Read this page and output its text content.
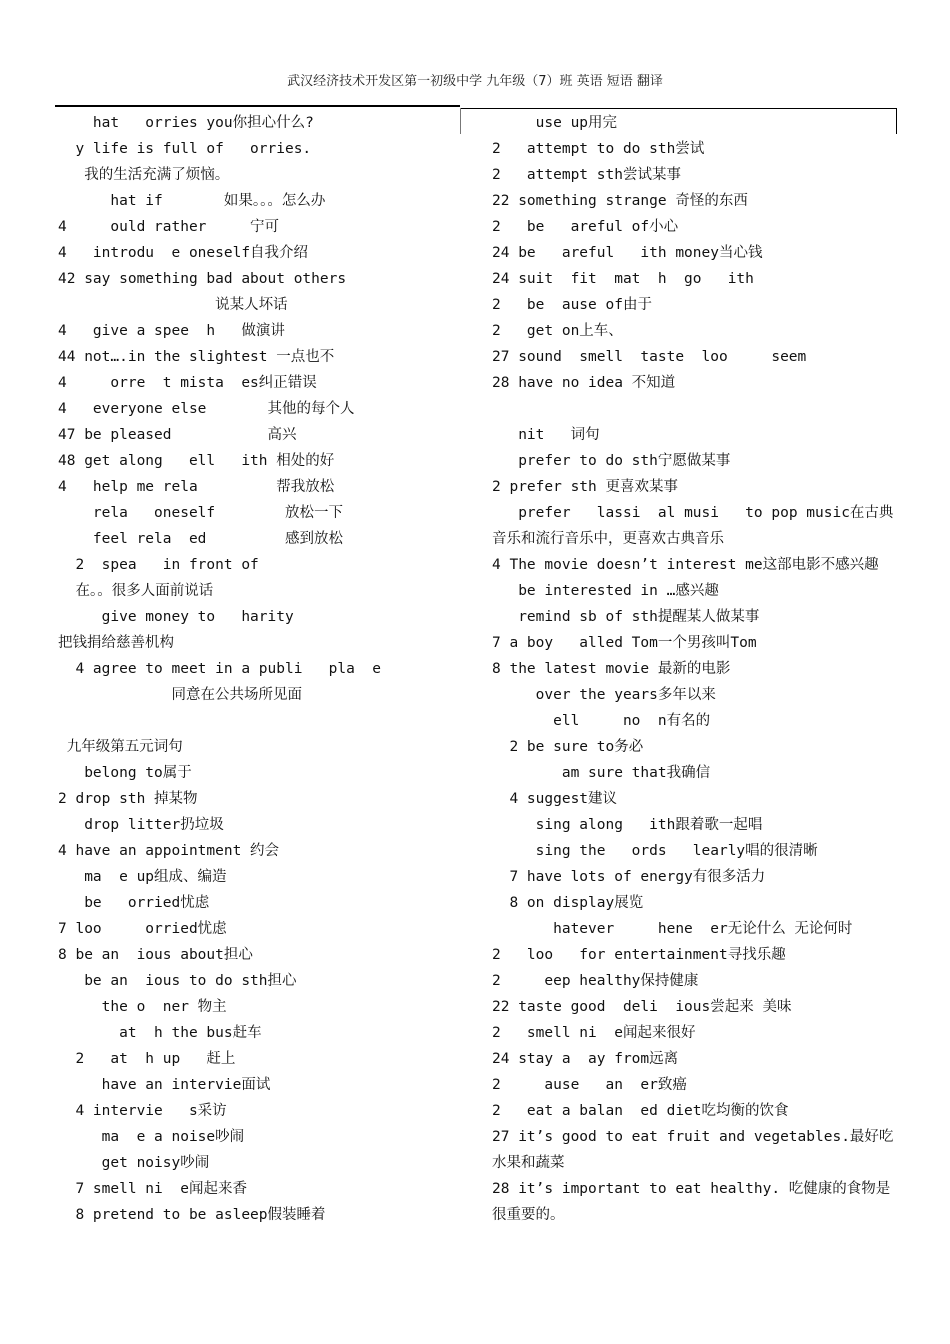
武汉经济技术开发区第一初级中学 九年级（7）班 英语 短语 翻译
hat   orries you你担心什么?
y life is full of   orries.
我的生活充满了烦恼。
hat if       如果。。。怎么办
4     ould rather     宁可
4   introdu  e oneself自我介绍
42 say something bad about others
说某人坏话
4   give a spee  h   做演讲
44 not….in the slightest 一点也不
4     orre  t mista  es纠正错误
4   everyone else       其他的每个人
47 be pleased           高兴
48 get along   ell   ith 相处的好
4   help me rela         帮我放松
rela   oneself        放松一下
feel rela  ed         感到放松
2  spea   in front of
在。。很多人面前说话
give money to   harity
把钱捐给慈善机构
4 agree to meet in a publi   pla  e
同意在公共场所见面
九年级第五元词句
belong to属于
2 drop sth 掉某物
drop litter扔垃圾
4 have an appointment 约会
ma  e up组成、编造
be   orried忧虑
7 loo     orried忧虑
8 be an  ious about担心
be an  ious to do sth担心
the o  ner 物主
at  h the bus赶车
2   at  h up   赶上
have an intervie面试
4 intervie   s采访
ma  e a noise吵闹
get noisy吵闹
7 smell ni  e闻起来香
8 pretend to be asleep假装睡着
use up用完
2   attempt to do sth尝试
2   attempt sth尝试某事
22 something strange 奇怪的东西
2   be   areful of小心
24 be   areful   ith money当心钱
24 suit  fit  mat  h  go   ith
2   be  ause of由于
2   get on上车、
27 sound  smell  taste  loo     seem
28 have no idea 不知道
nit   词句
prefer to do sth宁愿做某事
2 prefer sth 更喜欢某事
prefer   lassi  al musi   to pop music在古典音乐和流行音乐中，更喜欢古典音乐
4 The movie doesn’t interest me这部电影不感兴趣
be interested in …感兴趣
remind sb of sth提醒某人做某事
7 a boy   alled Tom一个男孩叫Tom
8 the latest movie 最新的电影
over the years多年以来
ell     no  n有名的
2 be sure to务必
am sure that我确信
4 suggest建议
sing along   ith跟着歌一起唱
sing the   ords   learly唱的很清晰
7 have lots of energy有很多活力
8 on display展览
hatever     hene  er无论什么 无论何时
2   loo   for entertainment寻找乐趣
2     eep healthy保持健康
22 taste good  deli  ious尝起来 美味
2   smell ni  e闻起来很好
24 stay a  ay from远离
2     ause   an  er致癌
2   eat a balan  ed diet吃均衡的饮食
27 it’s good to eat fruit and vegetables.最好吃水果和蔬菜
28 it’s important to eat healthy. 吃健康的食物是很重要的。
